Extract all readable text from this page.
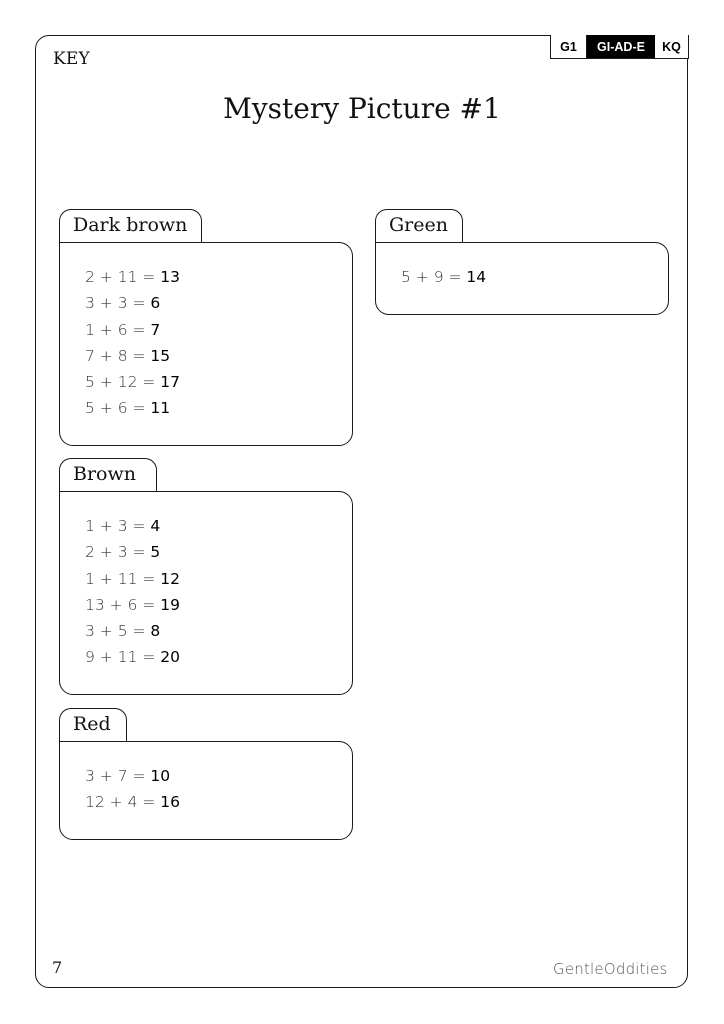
KEY
G1	GI-AD-E	KQ
Mystery Picture #1
Dark brown
2 + 11 = 13
3 + 3 = 6
1 + 6 = 7
7 + 8 = 15
5 + 12 = 17
5 + 6 = 11
Brown
1 + 3 = 4
2 + 3 = 5
1 + 11 = 12
13 + 6 = 19
3 + 5 = 8
9 + 11 = 20
Red
3 + 7 = 10
12 + 4 = 16
Green
5 + 9 = 14
7	GentleOddities
